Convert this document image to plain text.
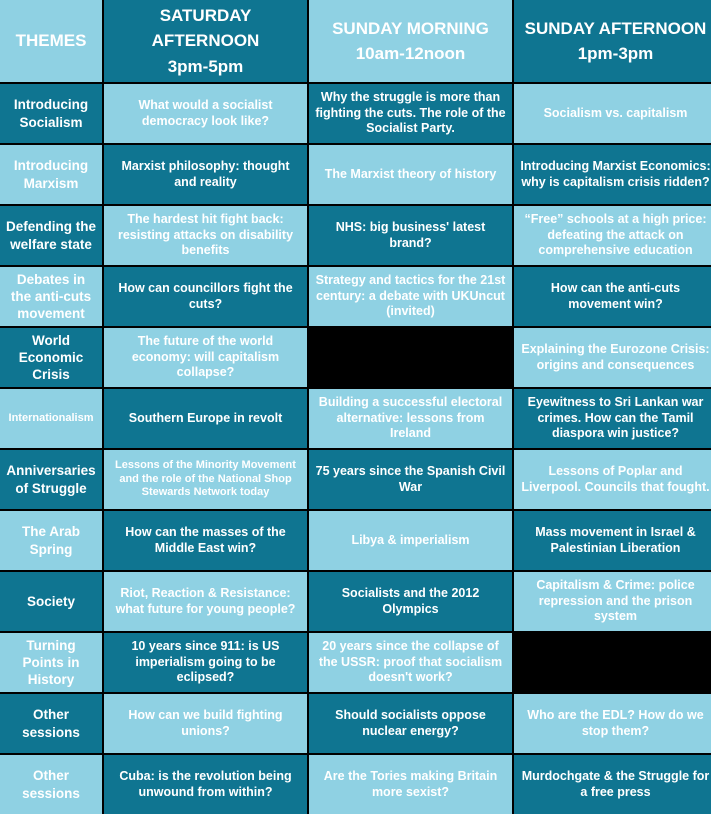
THEMES
SATURDAY AFTERNOON
3pm-5pm
SUNDAY MORNING
10am-12noon
SUNDAY AFTERNOON
1pm-3pm
Introducing Socialism
What would a socialist democracy look like?
Why the struggle is more than fighting the cuts. The role of the Socialist Party.
Socialism vs. capitalism
Introducing Marxism
Marxist philosophy: thought and reality
The Marxist theory of history
Introducing Marxist Economics: why is capitalism crisis ridden?
Defending the welfare state
The hardest hit fight back: resisting attacks on disability benefits
NHS: big business' latest brand?
“Free” schools at a high price: defeating the attack on comprehensive education
Debates in the anti-cuts movement
How can councillors fight the cuts?
Strategy and tactics for the 21st century: a debate with UKUncut (invited)
How can the anti-cuts movement win?
World Economic Crisis
The future of the world economy: will capitalism collapse?
Explaining the Eurozone Crisis: origins and consequences
Internationalism	Southern Europe in revolt
Building a successful electoral alternative: lessons from Ireland
Eyewitness to Sri Lankan war crimes. How can the Tamil diaspora win justice?
Anniversaries of Struggle
Lessons of the Minority Movement and the role of the National Shop Stewards Network today
75 years since the Spanish Civil War
Lessons of Poplar and Liverpool. Councils that fought.
The Arab Spring
How can the masses of the Middle East win?
Libya & imperialism
Mass movement in Israel & Palestinian Liberation
Society
Riot, Reaction & Resistance: what future for young people?
Socialists and the 2012 Olympics
Capitalism & Crime: police repression and the prison system
Turning Points in History
10 years since 911: is US imperialism going to be eclipsed?
20 years since the collapse of the USSR: proof that socialism doesn't work?
Other sessions
How can we build fighting unions?
Should socialists oppose nuclear energy?
Who are the EDL? How do we stop them?
Other sessions
Cuba: is the revolution being unwound from within?
Are the Tories making Britain more sexist?
Murdochgate & the Struggle for a free press
